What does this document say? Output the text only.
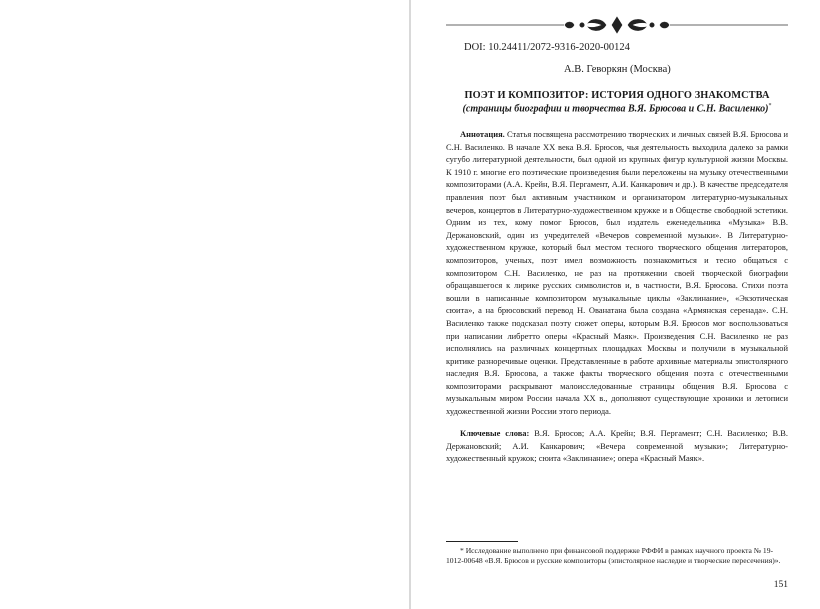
DOI: 10.24411/2072-9316-2020-00124
А.В. Геворкян (Москва)
ПОЭТ И КОМПОЗИТОР: ИСТОРИЯ ОДНОГО ЗНАКОМСТВА
(страницы биографии и творчества В.Я. Брюсова и С.Н. Василенко)*

Аннотация. Статья посвящена рассмотрению творческих и личных связей В.Я. Брюсова и С.Н. Василенко. В начале XX века В.Я. Брюсов, чья деятельность выходила далеко за рамки сугубо литературной деятельности, был одной из крупных фигур культурной жизни Москвы. К 1910 г. многие его поэтические произведения были переложены на музыку отечественными композиторами (А.А. Крейн, В.Я. Пергамент, А.И. Канкарович и др.). В качестве председателя правления поэт был активным участником и организатором литературно-музыкальных вечеров, концертов в Литературно-художественном кружке и в Обществе свободной эстетики. Одним из тех, кому помог Брюсов, был издатель еженедельника «Музыка» В.В. Держановский, один из учредителей «Вечеров современной музыки». В Литературно-художественном кружке, который был местом тесного творческого общения литераторов, композиторов, ученых, поэт имел возможность познакомиться и тесно общаться с композитором С.Н. Василенко, не раз на протяжении своей творческой биографии обращавшегося к лирике русских символистов и, в частности, В.Я. Брюсова. Стихи поэта вошли в написанные композитором музыкальные циклы «Заклинание», «Экзотическая сюита», а на брюсовский перевод Н. Ованатана была создана «Армянская серенада». С.Н. Василенко также подсказал поэту сюжет оперы, которым В.Я. Брюсов мог воспользоваться при написании либретто оперы «Красный Маяк». Произведения С.Н. Василенко не раз исполнялись на различных концертных площадках Москвы и получили в музыкальной критике разноречивые оценки. Представленные в работе архивные материалы эпистолярного наследия В.Я. Брюсова, а также факты творческого общения поэта с отечественными композиторами раскрывают малоисследованные страницы общения В.Я. Брюсова с музыкальным миром России начала XX в., дополняют существующие хроники и летописи художественной жизни России этого периода.

Ключевые слова: В.Я. Брюсов; А.А. Крейн; В.Я. Пергамент; С.Н. Василенко; В.В. Держановский; А.И. Канкарович; «Вечера современной музыки»; Литературно-художественный кружок; сюита «Заклинание»; опера «Красный Маяк».

* Исследование выполнено при финансовой поддержке РФФИ в рамках научного проекта № 19-1012-00648 «В.Я. Брюсов и русские композиторы (эпистолярное наследие и творческие пересечения)».

151
